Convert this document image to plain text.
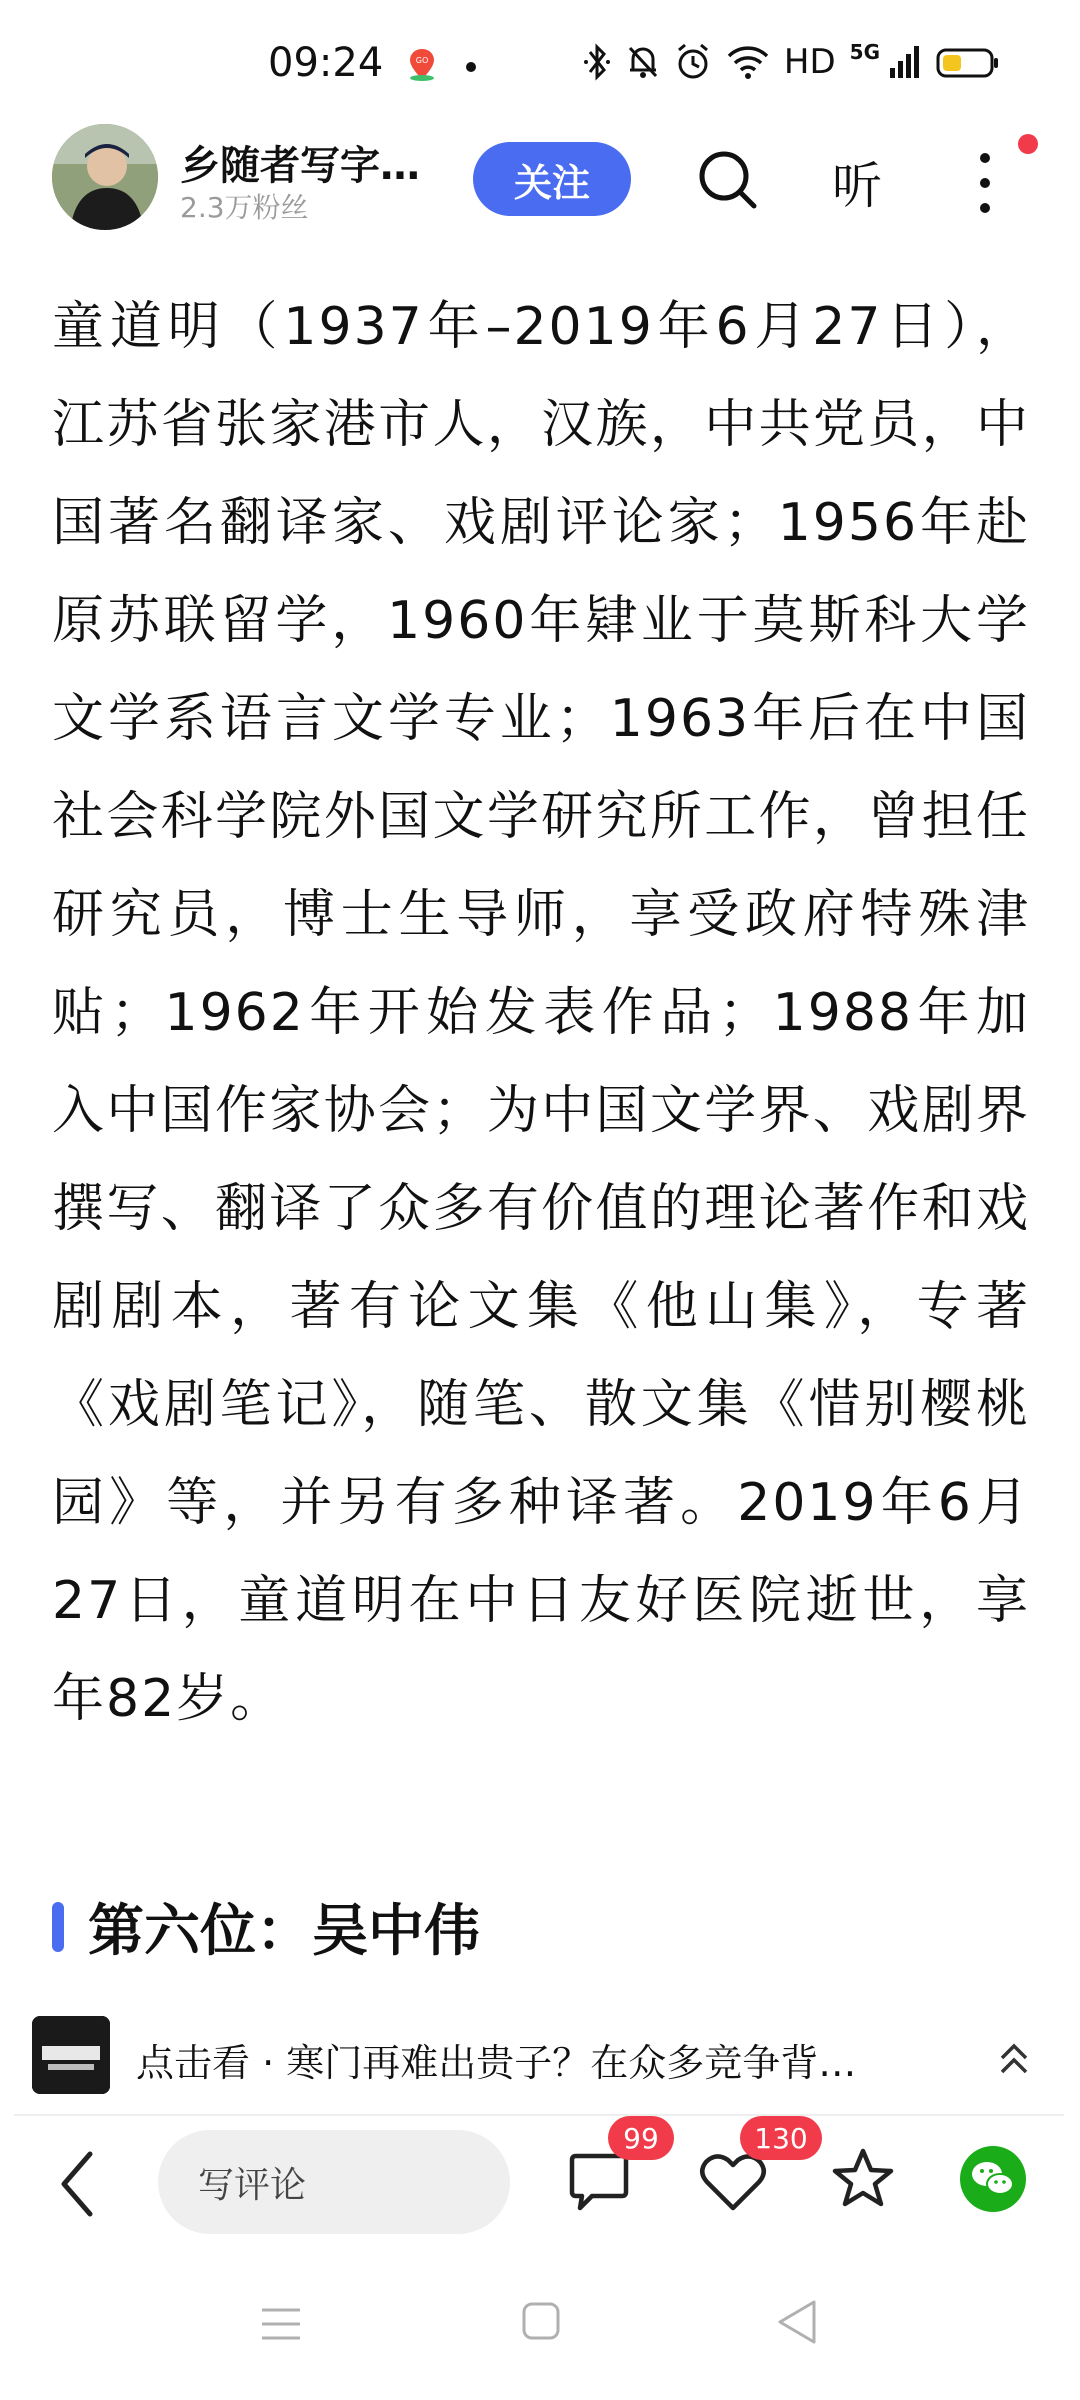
09:24	GO	HD 5G
乡随者写字…
2.3万粉丝
关注	听

童道明（1937年–2019年6月27日），江苏省张家港市人，汉族，中共党员，中国著名翻译家、戏剧评论家；1956年赴原苏联留学，1960年肄业于莫斯科大学文学系语言文学专业；1963年后在中国社会科学院外国文学研究所工作，曾担任研究员，博士生导师，享受政府特殊津贴；1962年开始发表作品；1988年加入中国作家协会；为中国文学界、戏剧界撰写、翻译了众多有价值的理论著作和戏剧剧本，著有论文集《他山集》，专著《戏剧笔记》，随笔、散文集《惜别樱桃园》等，并另有多种译著。2019年6月27日，童道明在中日友好医院逝世，享年82岁。

第六位：吴中伟
点击看 · 寒门再难出贵子？在众多竞争背…
写评论
99	130
